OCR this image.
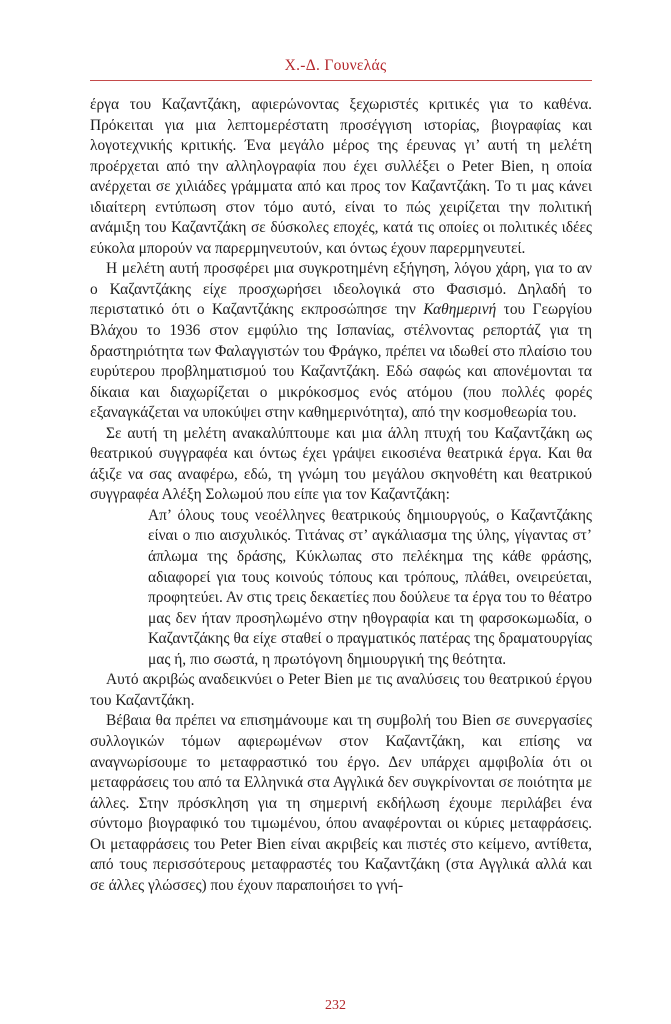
Χ.-Δ. Γουνελάς

έργα του Καζαντζάκη, αφιερώνοντας ξεχωριστές κριτικές για το καθένα. Πρόκειται για μια λεπτομερέστατη προσέγγιση ιστορίας, βιογραφίας και λογοτεχνικής κριτικής. Ένα μεγάλο μέρος της έρευνας γι’ αυτή τη μελέτη προέρχεται από την αλληλογραφία που έχει συλλέξει ο Peter Bien, η οποία ανέρχεται σε χιλιάδες γράμματα από και προς τον Καζαντζάκη. Το τι μας κάνει ιδιαίτερη εντύπωση στον τόμο αυτό, είναι το πώς χειρίζεται την πολιτική ανάμιξη του Καζαντζάκη σε δύσκολες εποχές, κατά τις οποίες οι πολιτικές ιδέες εύκολα μπορούν να παρερμηνευτούν, και όντως έχουν παρερμηνευτεί.

Η μελέτη αυτή προσφέρει μια συγκροτημένη εξήγηση, λόγου χάρη, για το αν ο Καζαντζάκης είχε προσχωρήσει ιδεολογικά στο Φασισμό. Δηλαδή το περιστατικό ότι ο Καζαντζάκης εκπροσώπησε την Καθημερινή του Γεωργίου Βλάχου το 1936 στον εμφύλιο της Ισπανίας, στέλνοντας ρεπορτάζ για τη δραστηριότητα των Φαλαγγιστών του Φράγκο, πρέπει να ιδωθεί στο πλαίσιο του ευρύτερου προβληματισμού του Καζαντζάκη. Εδώ σαφώς και απονέμονται τα δίκαια και διαχωρίζεται ο μικρόκοσμος ενός ατόμου (που πολλές φορές εξαναγκάζεται να υποκύψει στην καθημερινότητα), από την κοσμοθεωρία του.

Σε αυτή τη μελέτη ανακαλύπτουμε και μια άλλη πτυχή του Καζαντζάκη ως θεατρικού συγγραφέα και όντως έχει γράψει εικοσιένα θεατρικά έργα. Και θα άξιζε να σας αναφέρω, εδώ, τη γνώμη του μεγάλου σκηνοθέτη και θεατρικού συγγραφέα Αλέξη Σολωμού που είπε για τον Καζαντζάκη:

Απ’ όλους τους νεοέλληνες θεατρικούς δημιουργούς, ο Καζαντζάκης είναι ο πιο αισχυλικός. Τιτάνας στ’ αγκάλιασμα της ύλης, γίγαντας στ’ άπλωμα της δράσης, Κύκλωπας στο πελέκημα της κάθε φράσης, αδιαφορεί για τους κοινούς τόπους και τρόπους, πλάθει, ονειρεύεται, προφητεύει. Αν στις τρεις δεκαετίες που δούλευε τα έργα του το θέατρο μας δεν ήταν προσηλωμένο στην ηθογραφία και τη φαρσοκωμωδία, ο Καζαντζάκης θα είχε σταθεί ο πραγματικός πατέρας της δραματουργίας μας ή, πιο σωστά, η πρωτόγονη δημιουργική της θεότητα.

Αυτό ακριβώς αναδεικνύει ο Peter Bien με τις αναλύσεις του θεατρικού έργου του Καζαντζάκη.

Βέβαια θα πρέπει να επισημάνουμε και τη συμβολή του Bien σε συνεργασίες συλλογικών τόμων αφιερωμένων στον Καζαντζάκη, και επίσης να αναγνωρίσουμε το μεταφραστικό του έργο. Δεν υπάρχει αμφιβολία ότι οι μεταφράσεις του από τα Ελληνικά στα Αγγλικά δεν συγκρίνονται σε ποιότητα με άλλες. Στην πρόσκληση για τη σημερινή εκδήλωση έχουμε περιλάβει ένα σύντομο βιογραφικό του τιμωμένου, όπου αναφέρονται οι κύριες μεταφράσεις. Οι μεταφράσεις του Peter Bien είναι ακριβείς και πιστές στο κείμενο, αντίθετα, από τους περισσότερους μεταφραστές του Καζαντζάκη (στα Αγγλικά αλλά και σε άλλες γλώσσες) που έχουν παραποιήσει το γνή-

232
